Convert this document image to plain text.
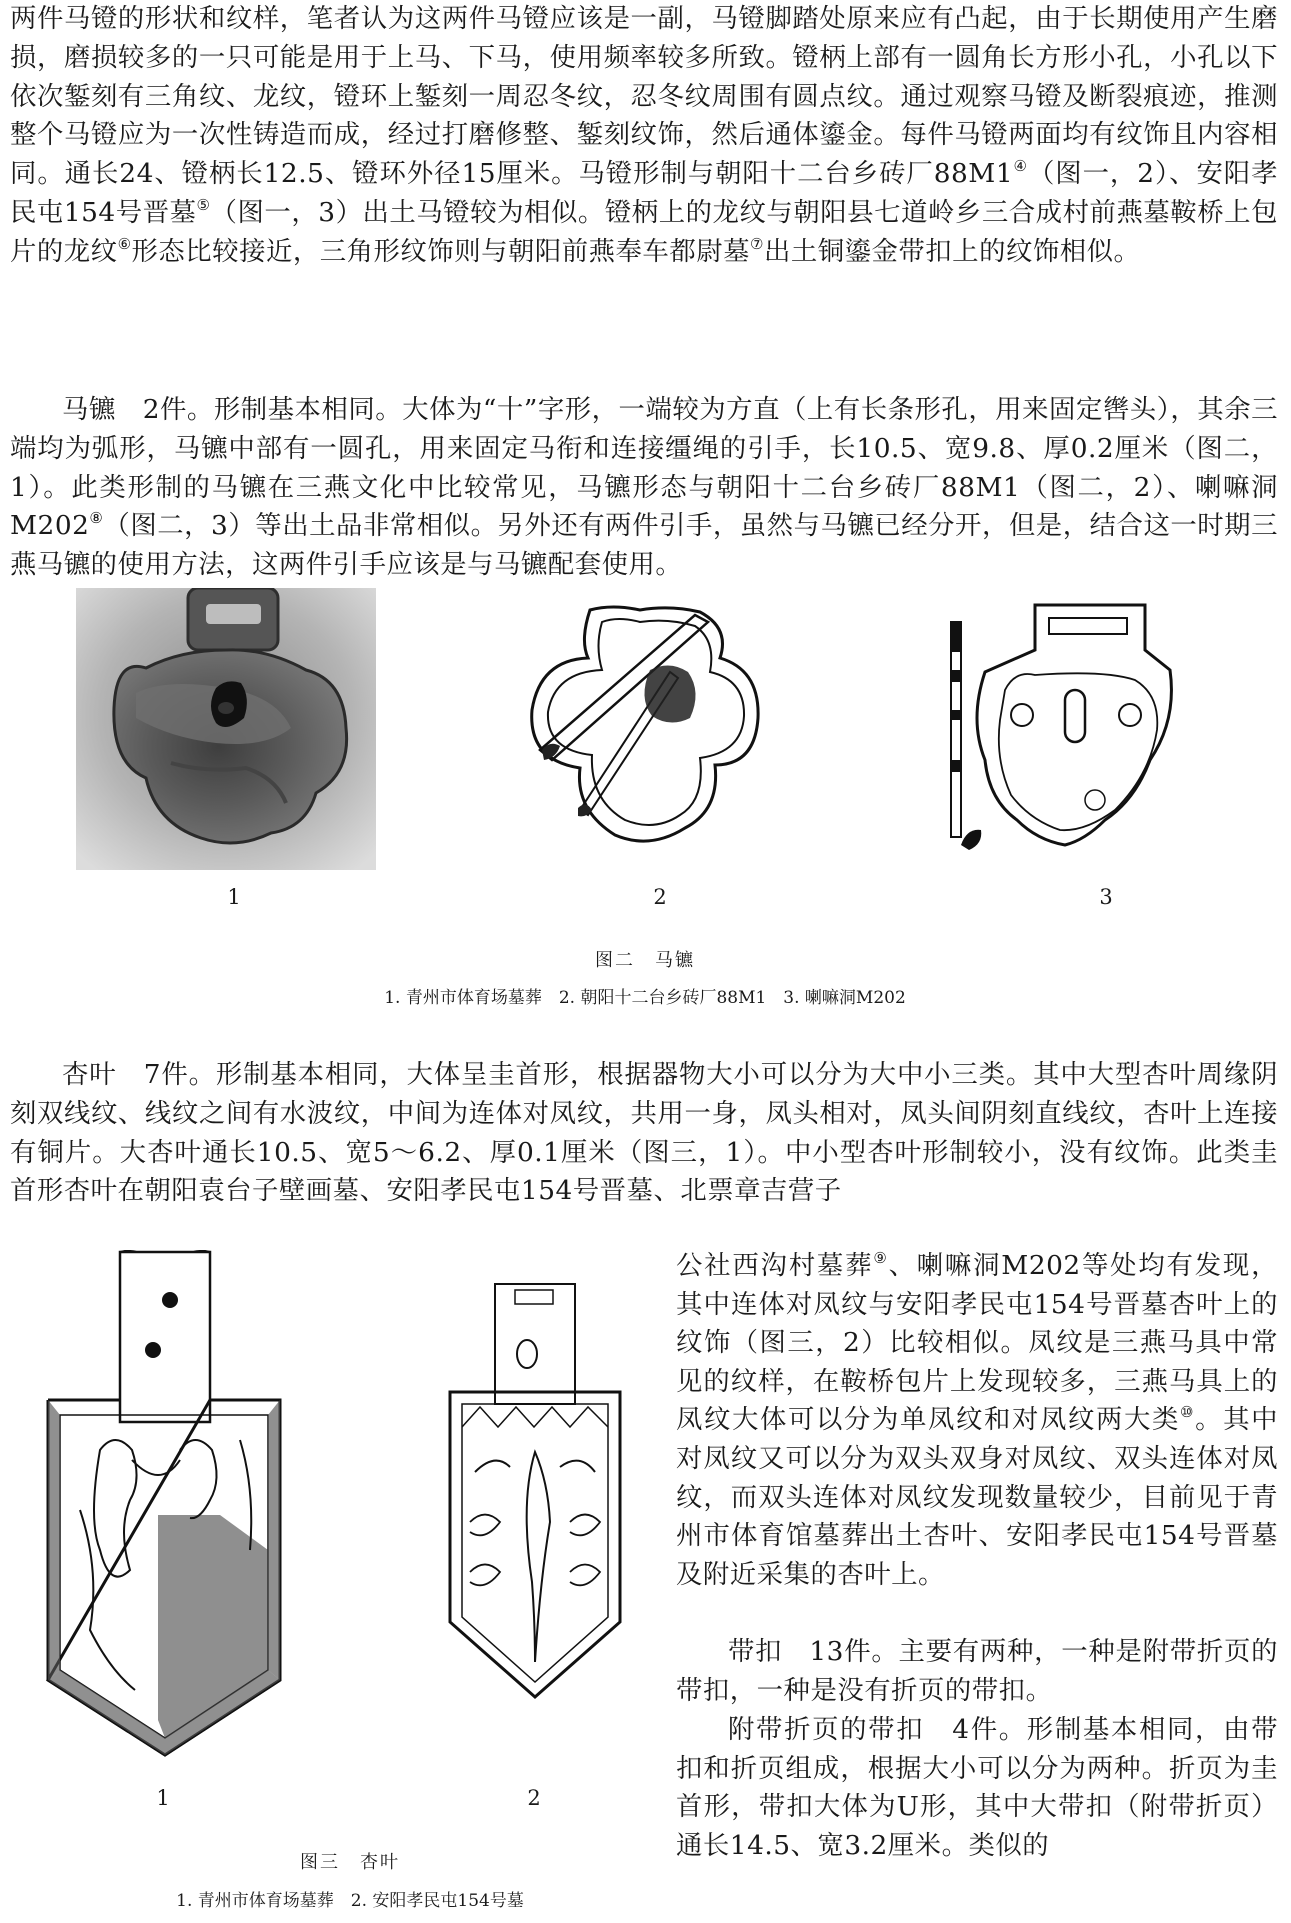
两件马镫的形状和纹样，笔者认为这两件马镫应该是一副，马镫脚踏处原来应有凸起，由于长期使用产生磨损，磨损较多的一只可能是用于上马、下马，使用频率较多所致。镫柄上部有一圆角长方形小孔，小孔以下依次錾刻有三角纹、龙纹，镫环上錾刻一周忍冬纹，忍冬纹周围有圆点纹。通过观察马镫及断裂痕迹，推测整个马镫应为一次性铸造而成，经过打磨修整、錾刻纹饰，然后通体鎏金。每件马镫两面均有纹饰且内容相同。通长24、镫柄长12.5、镫环外径15厘米。马镫形制与朝阳十二台乡砖厂88M1④（图一，2）、安阳孝民屯154号晋墓⑤（图一，3）出土马镫较为相似。镫柄上的龙纹与朝阳县七道岭乡三合成村前燕墓鞍桥上包片的龙纹⑥形态比较接近，三角形纹饰则与朝阳前燕奉车都尉墓⑦出土铜鎏金带扣上的纹饰相似。

马镳　2件。形制基本相同。大体为“十”字形，一端较为方直（上有长条形孔，用来固定辔头），其余三端均为弧形，马镳中部有一圆孔，用来固定马衔和连接缰绳的引手，长10.5、宽9.8、厚0.2厘米（图二，1）。此类形制的马镳在三燕文化中比较常见，马镳形态与朝阳十二台乡砖厂88M1（图二，2）、喇嘛洞M202⑧（图二，3）等出土品非常相似。另外还有两件引手，虽然与马镳已经分开，但是，结合这一时期三燕马镳的使用方法，这两件引手应该是与马镳配套使用。

1	2	3
图二　马镳
1. 青州市体育场墓葬　2. 朝阳十二台乡砖厂88M1　3. 喇嘛洞M202

杏叶　7件。形制基本相同，大体呈圭首形，根据器物大小可以分为大中小三类。其中大型杏叶周缘阴刻双线纹、线纹之间有水波纹，中间为连体对凤纹，共用一身，凤头相对，凤头间阴刻直线纹，杏叶上连接有铜片。大杏叶通长10.5、宽5～6.2、厚0.1厘米（图三，1）。中小型杏叶形制较小，没有纹饰。此类圭首形杏叶在朝阳袁台子壁画墓、安阳孝民屯154号晋墓、北票章吉营子

1	2
图三　杏叶
1. 青州市体育场墓葬　2. 安阳孝民屯154号墓

公社西沟村墓葬⑨、喇嘛洞M202等处均有发现，其中连体对凤纹与安阳孝民屯154号晋墓杏叶上的纹饰（图三，2）比较相似。凤纹是三燕马具中常见的纹样，在鞍桥包片上发现较多，三燕马具上的凤纹大体可以分为单凤纹和对凤纹两大类⑩。其中对凤纹又可以分为双头双身对凤纹、双头连体对凤纹，而双头连体对凤纹发现数量较少，目前见于青州市体育馆墓葬出土杏叶、安阳孝民屯154号晋墓及附近采集的杏叶上。

带扣　13件。主要有两种，一种是附带折页的带扣，一种是没有折页的带扣。

附带折页的带扣　4件。形制基本相同，由带扣和折页组成，根据大小可以分为两种。折页为圭首形，带扣大体为U形，其中大带扣（附带折页）通长14.5、宽3.2厘米。类似的
